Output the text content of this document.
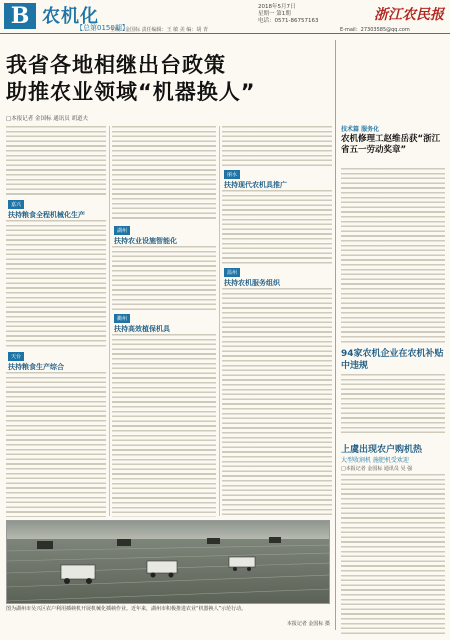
B 农机化
【总第0150期】
2018年5月7日
星期一 第1期
电话：0571-86757163
E-mail：27303585@qq.com
浙江农民报
主编：金国标 责任编辑：王 敏 美 编：胡 青
我省各地相继出台政策
助推农业领域“机器换人”
□本报记者 金国标 通讯员 胡道夫
嘉兴
扶持粮食全程机械化生产
天台
扶持粮食生产综合
湖州
扶持农业设施智能化
衢州
扶持高效植保机具
丽水
扶持现代农机具推广
温州
扶持农机服务组织
图为湖州市吴兴区农户利用插秧机开展机械化插秧作业。近年来，湖州市积极推进农业“机器换人”示范行动。
本报记者 金国标 摄
技术篇 服务化
农机修理工赵维岳获“浙江省五一劳动奖章”
94家农机企业在农机补贴中违规
上虞出现农户购机热
大型收割机 施肥机受欢迎
□本报记者 金国标 通讯员 吴 强
